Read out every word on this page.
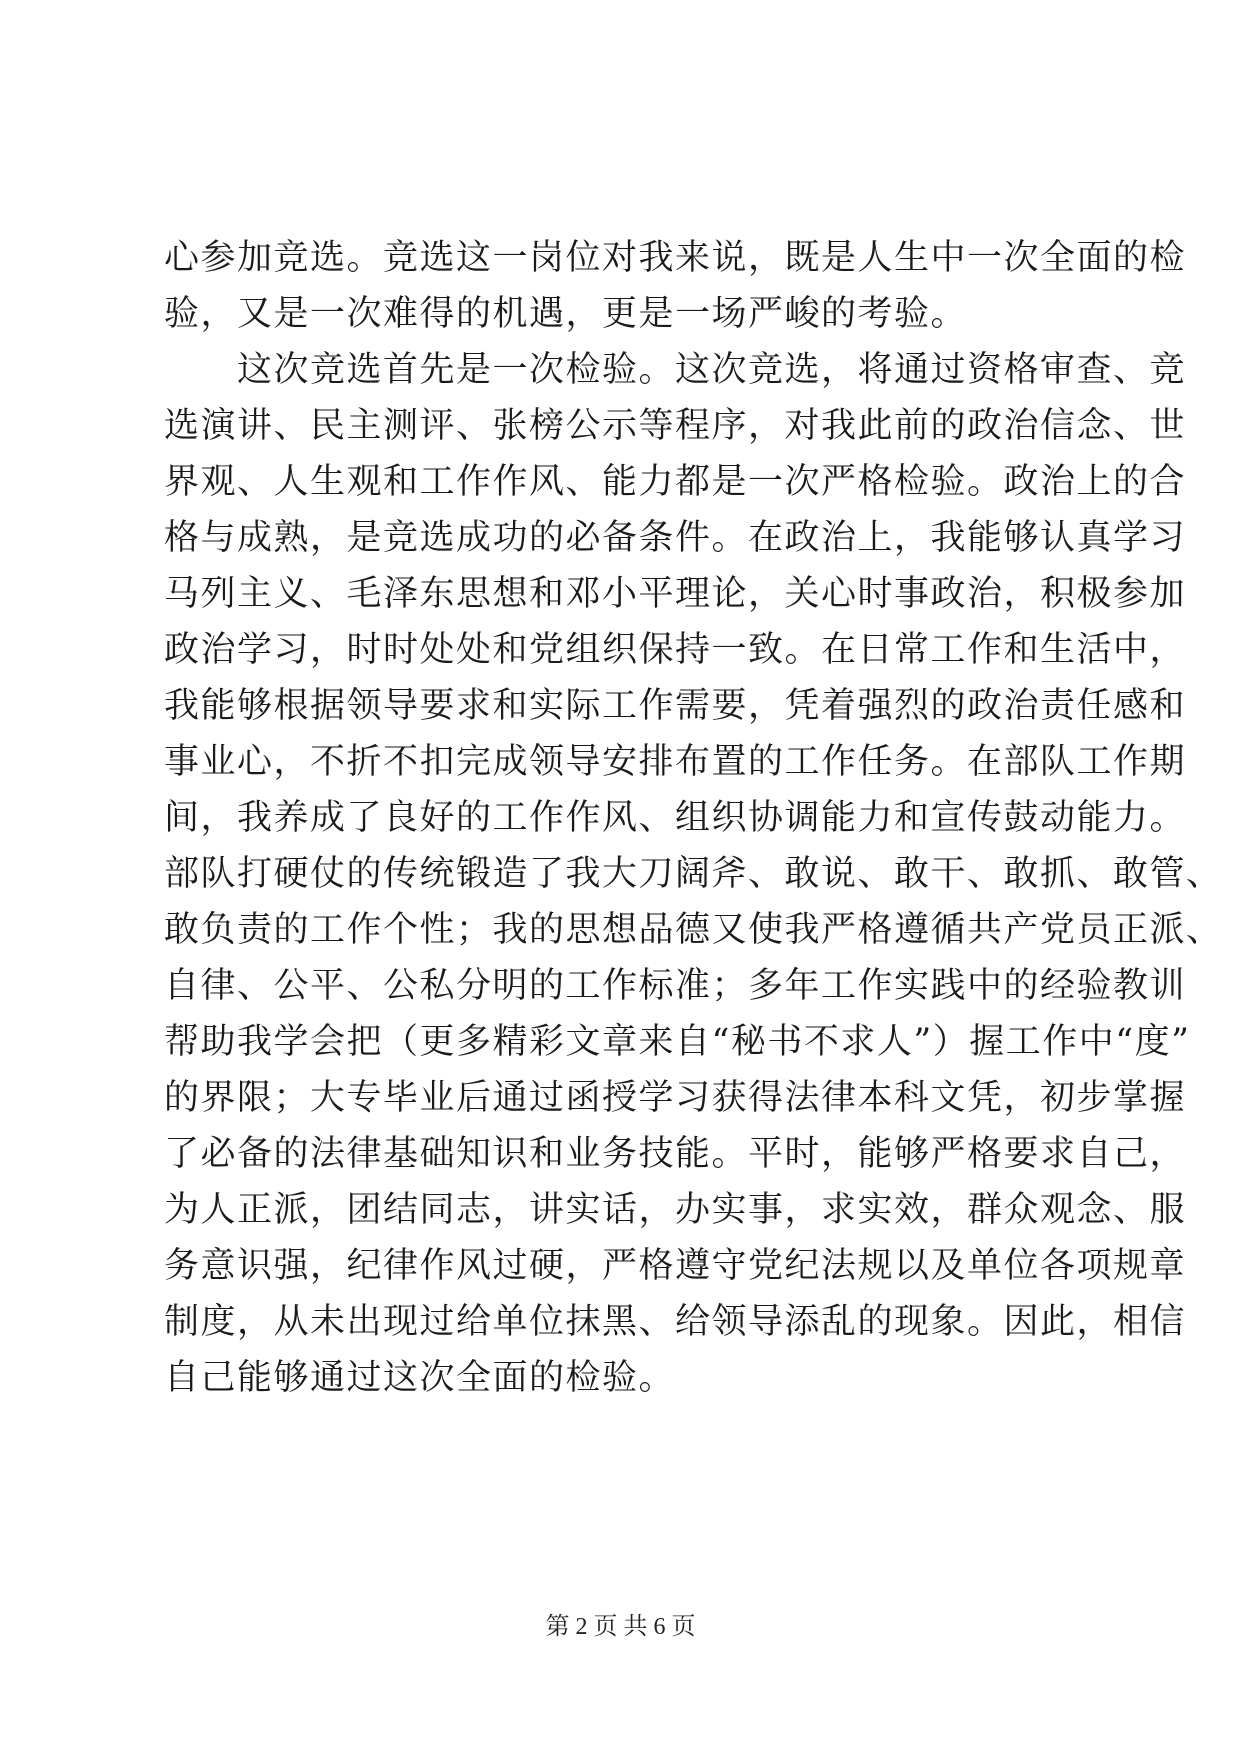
心参加竞选。竞选这一岗位对我来说，既是人生中一次全面的检
验，又是一次难得的机遇，更是一场严峻的考验。
　　这次竞选首先是一次检验。这次竞选，将通过资格审查、竞
选演讲、民主测评、张榜公示等程序，对我此前的政治信念、世
界观、人生观和工作作风、能力都是一次严格检验。政治上的合
格与成熟，是竞选成功的必备条件。在政治上，我能够认真学习
马列主义、毛泽东思想和邓小平理论，关心时事政治，积极参加
政治学习，时时处处和党组织保持一致。在日常工作和生活中，
我能够根据领导要求和实际工作需要，凭着强烈的政治责任感和
事业心，不折不扣完成领导安排布置的工作任务。在部队工作期
间，我养成了良好的工作作风、组织协调能力和宣传鼓动能力。
部队打硬仗的传统锻造了我大刀阔斧、敢说、敢干、敢抓、敢管、
敢负责的工作个性；我的思想品德又使我严格遵循共产党员正派、
自律、公平、公私分明的工作标准；多年工作实践中的经验教训
帮助我学会把（更多精彩文章来自“秘书不求人”）握工作中“度”
的界限；大专毕业后通过函授学习获得法律本科文凭，初步掌握
了必备的法律基础知识和业务技能。平时，能够严格要求自己，
为人正派，团结同志，讲实话，办实事，求实效，群众观念、服
务意识强，纪律作风过硬，严格遵守党纪法规以及单位各项规章
制度，从未出现过给单位抹黑、给领导添乱的现象。因此，相信
自己能够通过这次全面的检验。
第 2 页 共 6 页
